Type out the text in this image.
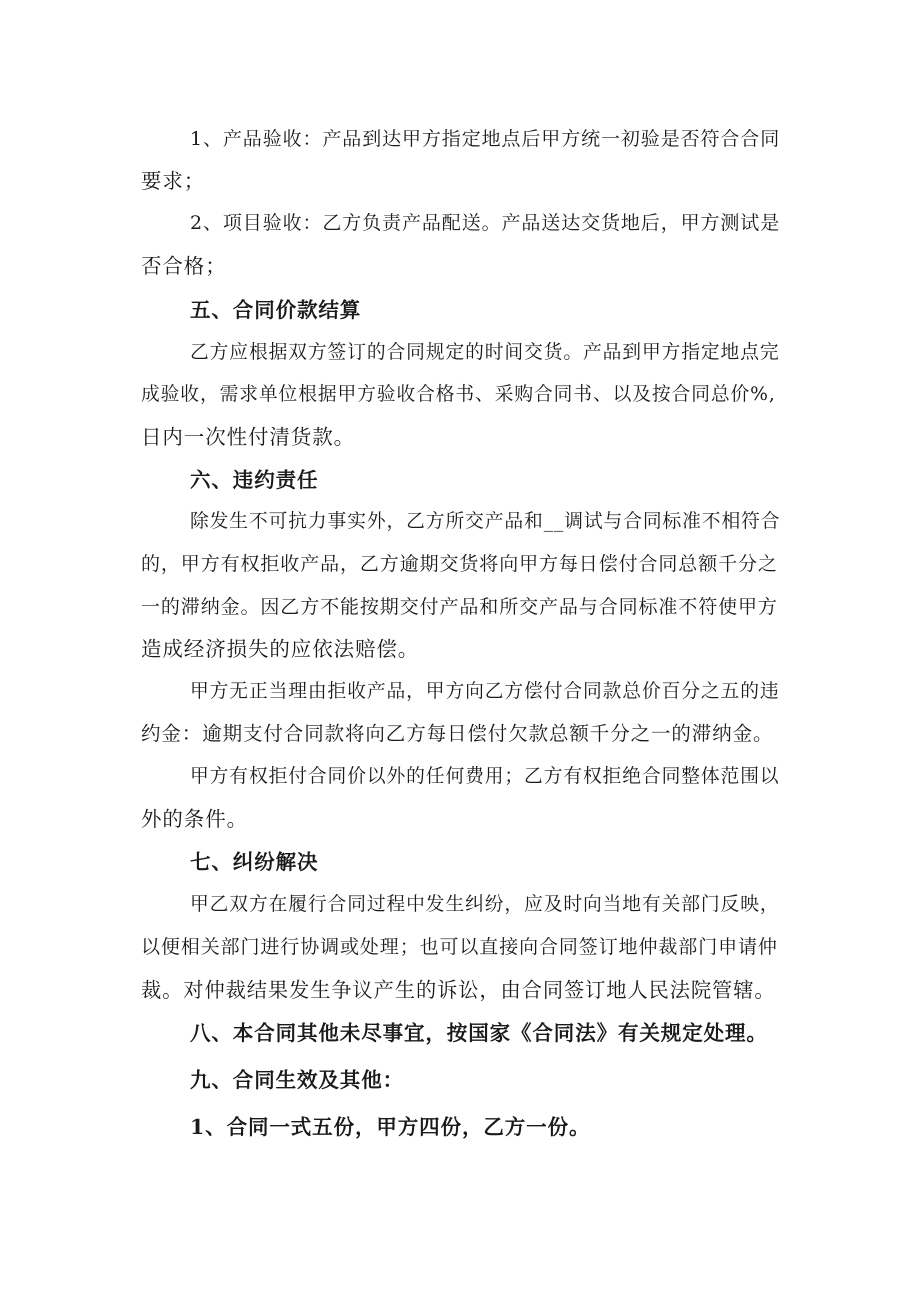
1、产品验收：产品到达甲方指定地点后甲方统一初验是否符合合同

要求；

2、项目验收：乙方负责产品配送。产品送达交货地后，甲方测试是

否合格；

五、合同价款结算

乙方应根据双方签订的合同规定的时间交货。产品到甲方指定地点完

成验收，需求单位根据甲方验收合格书、采购合同书、以及按合同总价%,

日内一次性付清货款。

六、违约责任

除发生不可抗力事实外，乙方所交产品和__调试与合同标准不相符合

的，甲方有权拒收产品，乙方逾期交货将向甲方每日偿付合同总额千分之

一的滞纳金。因乙方不能按期交付产品和所交产品与合同标准不符使甲方

造成经济损失的应依法赔偿。

甲方无正当理由拒收产品，甲方向乙方偿付合同款总价百分之五的违

约金：逾期支付合同款将向乙方每日偿付欠款总额千分之一的滞纳金。

甲方有权拒付合同价以外的任何费用；乙方有权拒绝合同整体范围以

外的条件。

七、纠纷解决

甲乙双方在履行合同过程中发生纠纷，应及时向当地有关部门反映，

以便相关部门进行协调或处理；也可以直接向合同签订地仲裁部门申请仲

裁。对仲裁结果发生争议产生的诉讼，由合同签订地人民法院管辖。

八、本合同其他未尽事宜，按国家《合同法》有关规定处理。

九、合同生效及其他：

1、合同一式五份，甲方四份，乙方一份。
